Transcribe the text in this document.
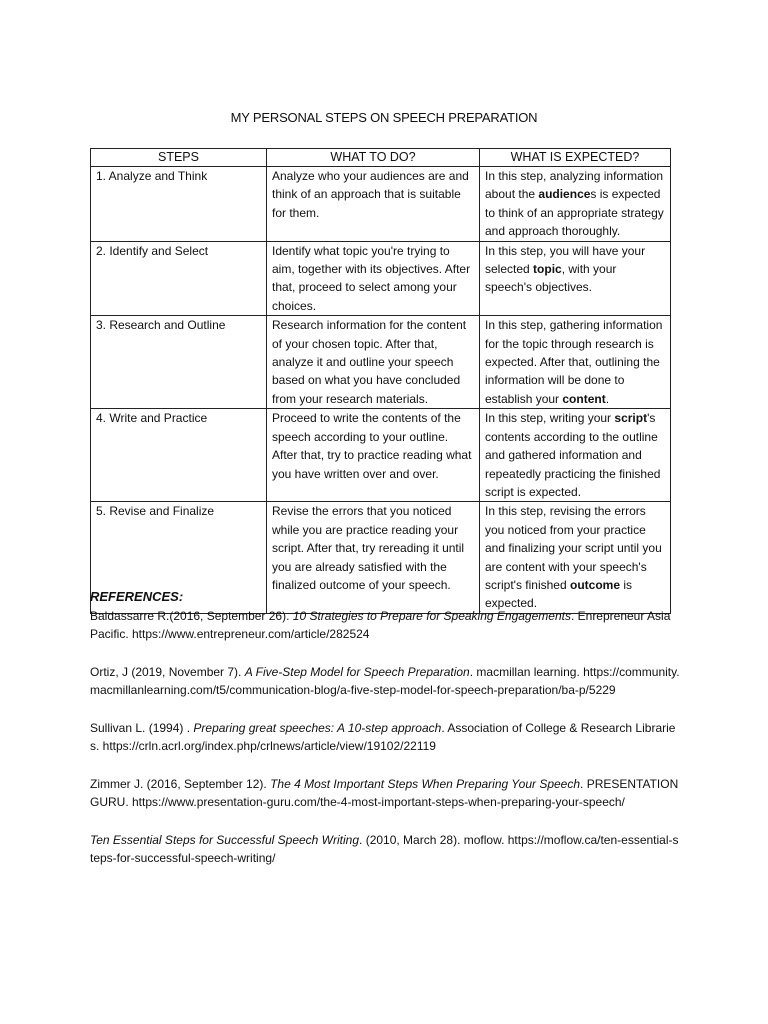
MY PERSONAL STEPS ON SPEECH PREPARATION
STEPS	WHAT TO DO?	WHAT IS EXPECTED?
1. Analyze and Think	Analyze who your audiences are and think of an approach that is suitable for them.	In this step, analyzing information about the audiences is expected to think of an appropriate strategy and approach thoroughly.
2. Identify and Select	Identify what topic you're trying to aim, together with its objectives. After that, proceed to select among your choices.	In this step, you will have your selected topic, with your speech's objectives.
3. Research and Outline	Research information for the content of your chosen topic. After that, analyze it and outline your speech based on what you have concluded from your research materials.	In this step, gathering information for the topic through research is expected. After that, outlining the information will be done to establish your content.
4. Write and Practice	Proceed to write the contents of the speech according to your outline. After that, try to practice reading what you have written over and over.	In this step, writing your script's contents according to the outline and gathered information and repeatedly practicing the finished script is expected.
5. Revise and Finalize	Revise the errors that you noticed while you are practice reading your script. After that, try rereading it until you are already satisfied with the finalized outcome of your speech.	In this step, revising the errors you noticed from your practice and finalizing your script until you are content with your speech's script's finished outcome is expected.
REFERENCES:

Baldassarre R.(2016, September 26). 10 Strategies to Prepare for Speaking Engagements. Enrepreneur Asia Pacific. https://www.entrepreneur.com/article/282524

Ortiz, J (2019, November 7). A Five-Step Model for Speech Preparation. macmillan learning. https://community.macmillanlearning.com/t5/communication-blog/a-five-step-model-for-speech-preparation/ba-p/5229

Sullivan L. (1994) . Preparing great speeches: A 10-step approach. Association of College & Research Libraries. https://crln.acrl.org/index.php/crlnews/article/view/19102/22119

Zimmer J. (2016, September 12). The 4 Most Important Steps When Preparing Your Speech. PRESENTATIONGURU. https://www.presentation-guru.com/the-4-most-important-steps-when-preparing-your-speech/

Ten Essential Steps for Successful Speech Writing. (2010, March 28). moflow. https://moflow.ca/ten-essential-steps-for-successful-speech-writing/
